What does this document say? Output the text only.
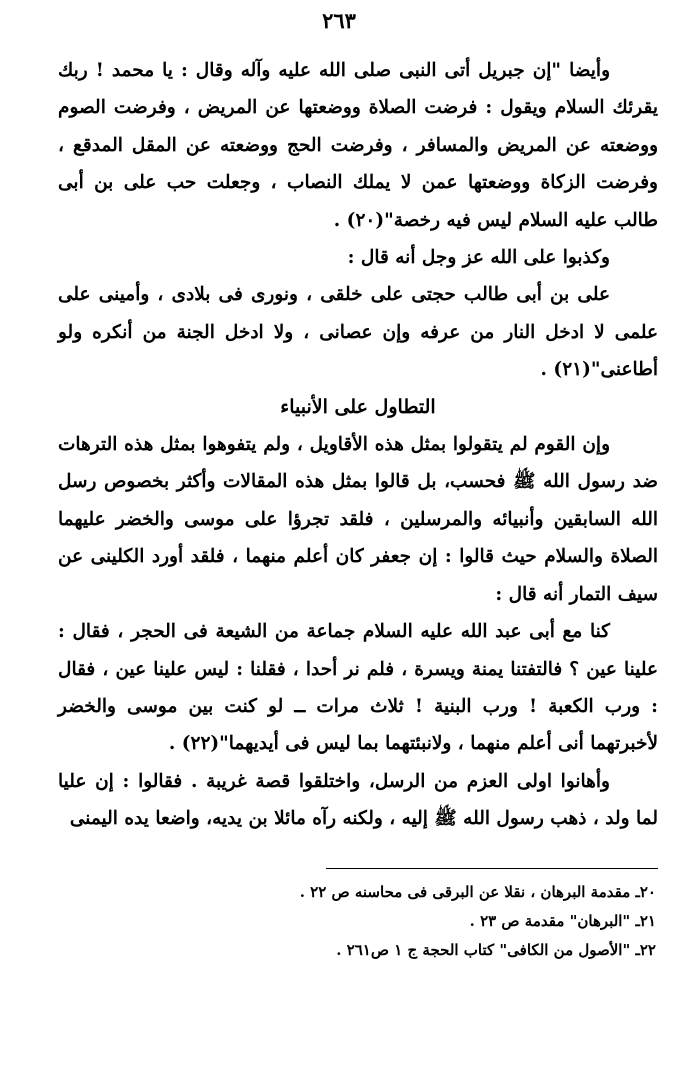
٢٦٣

وأيضا "إن جبريل أتى النبى صلى الله عليه وآله وقال : يا محمد ! ربك يقرئك السلام ويقول : فرضت الصلاة ووضعتها عن المريض ، وفرضت الصوم ووضعته عن المريض والمسافر ، وفرضت الحج ووضعته عن المقل المدقع ، وفرضت الزكاة ووضعتها عمن لا يملك النصاب ، وجعلت حب على بن أبى طالب عليه السلام ليس فيه رخصة"(٢٠) .

وكذبوا على الله عز وجل أنه قال :

على بن أبى طالب حجتى على خلقى ، ونورى فى بلادى ، وأمينى على علمى لا ادخل النار من عرفه وإن عصانى ، ولا ادخل الجنة من أنكره ولو أطاعنى"(٢١) .

التطاول على الأنبياء

وإن القوم لم يتقولوا بمثل هذه الأقاويل ، ولم يتفوهوا بمثل هذه الترهات ضد رسول الله ﷺ فحسب، بل قالوا بمثل هذه المقالات وأكثر بخصوص رسل الله السابقين وأنبيائه والمرسلين ، فلقد تجرؤا على موسى والخضر عليهما الصلاة والسلام حيث قالوا : إن جعفر كان أعلم منهما ، فلقد أورد الكلينى عن سيف التمار أنه قال :

كنا مع أبى عبد الله عليه السلام جماعة من الشيعة فى الحجر ، فقال : علينا عين ؟ فالتفتنا يمنة ويسرة ، فلم نر أحدا ، فقلنا : ليس علينا عين ، فقال : ورب الكعبة ! ورب البنية ! ثلاث مرات ــ لو كنت بين موسى والخضر لأخبرتهما أنى أعلم منهما ، ولانبئتهما بما ليس فى أيديهما"(٢٢) .

وأهانوا اولى العزم من الرسل، واختلقوا قصة غريبة . فقالوا : إن عليا لما ولد ، ذهب رسول الله ﷺ إليه ، ولكنه رآه مائلا بن يديه، واضعا يده اليمنى

٢٠ـ مقدمة البرهان ، نقلا عن البرقى فى محاسنه ص ٢٢ .

٢١ـ "البرهان" مقدمة ص ٢٣ .

٢٢ـ "الأصول من الكافى" كتاب الحجة ج ١ ص٢٦١ .
